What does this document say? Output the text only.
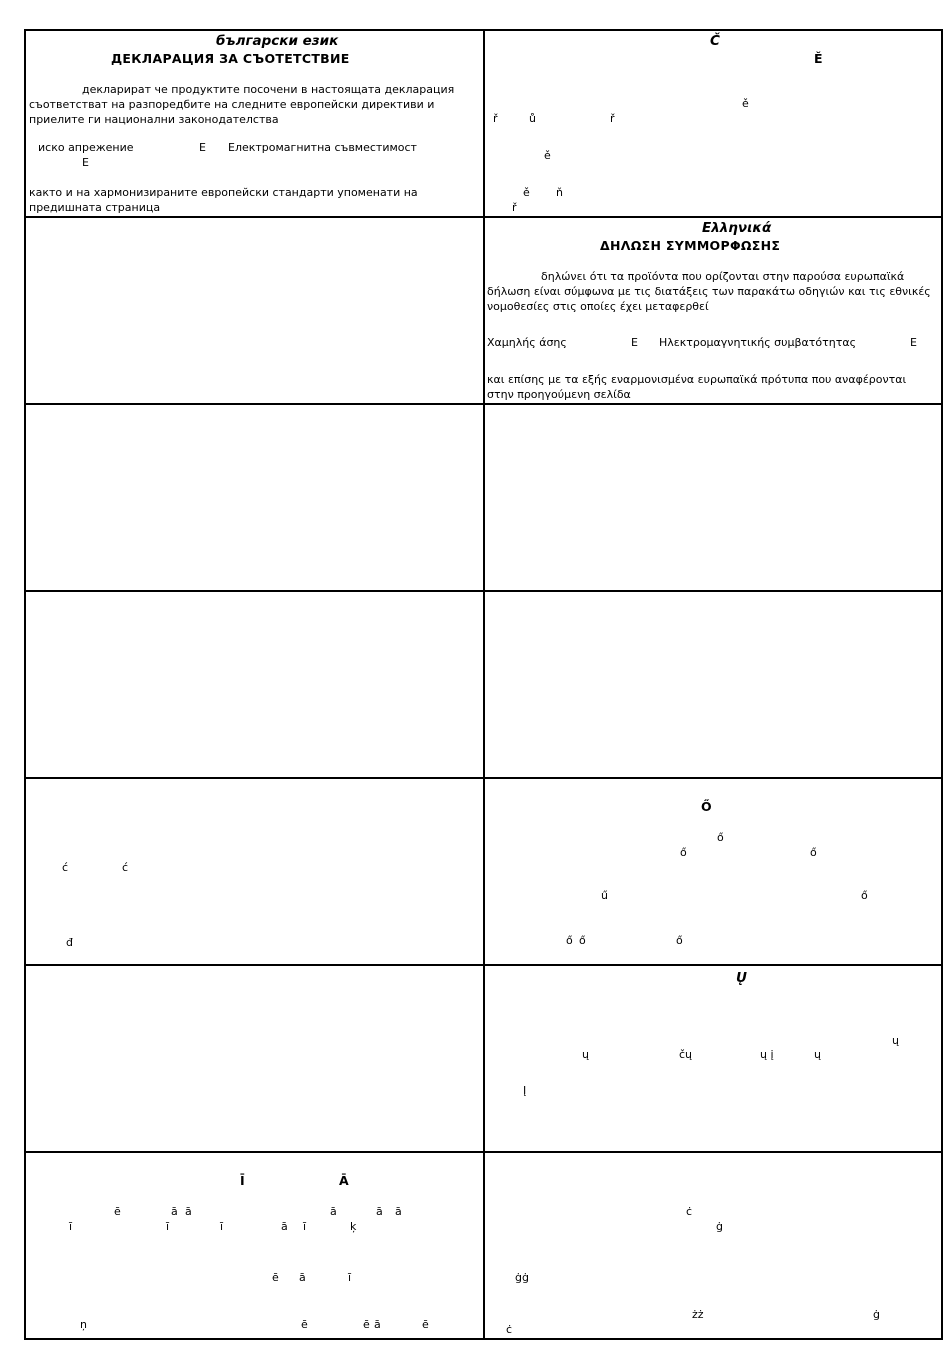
български език
ДЕКЛАРАЦИЯ ЗА СЪОТЕТСТВИЕ
декларират че продуктите посочени в настоящата декларация
съответстват на разпоредбите на следните европейски директиви и
приелите ги национални законодателства
иско апрежение	Е Електромагнитна съвместимост
Е
както и на хармонизираните европейски стандарти упоменати на
предишната страница
Č
Ě
ě
ř	ů	ř
ě
ě ň
ř
Ελληνικά
ΔΗΛΩΣΗ ΣΥΜΜΟΡΦΩΣΗΣ
δηλώνει ότι τα προϊόντα που ορίζονται στην παρούσα ευρωπαϊκά
δήλωση είναι σύμφωνα με τις διατάξεις των παρακάτω οδηγιών και τις εθνικές
νομοθεσίες στις οποίες έχει μεταφερθεί
Χαμηλής άσης	Ε Ηλεκτρομαγνητικής συμβατότητας	Ε
και επίσης με τα εξής εναρμονισμένα ευρωπαϊκά πρότυπα που αναφέρονται
στην προηγούμενη σελίδα
ć	ć
đ
Ő
ő
ő	ő
ű	ő
ő ő	ő
Ų
ų	čų	ų į	ų
ų
Į
Ī	Ā
ē	ā ā	ā	ā ā
ī	ī	ī	ā ī	ķ
ē ā	ī
ņ	ē	ē ā	ē
ċ
ġ
ġġ
żż	ġ
ċ
